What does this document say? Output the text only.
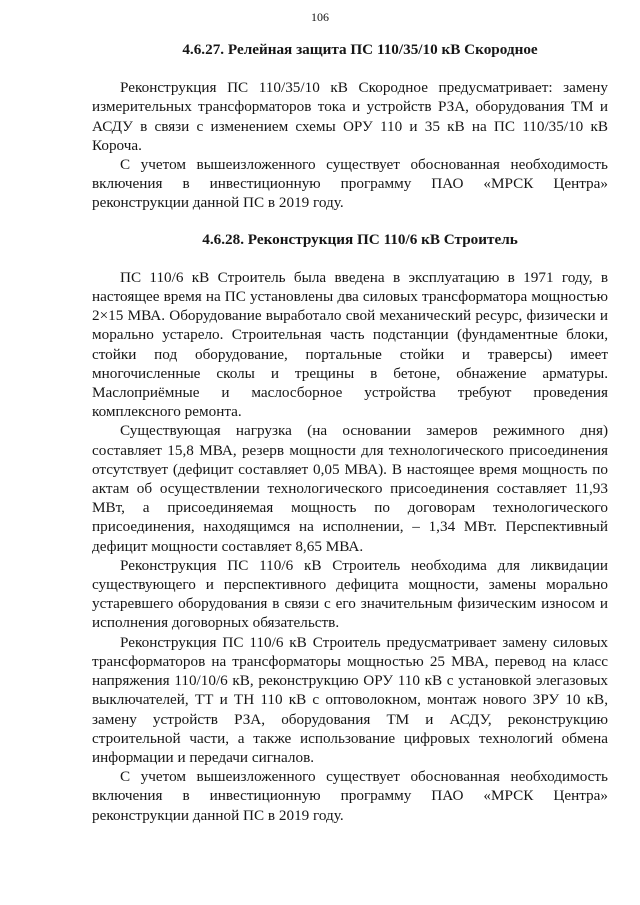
106
4.6.27. Релейная защита ПС 110/35/10 кВ Скородное

Реконструкция ПС 110/35/10 кВ Скородное предусматривает: замену измерительных трансформаторов тока и устройств РЗА, оборудования ТМ и АСДУ в связи с изменением схемы ОРУ 110 и 35 кВ на ПС 110/35/10 кВ Короча.

С учетом вышеизложенного существует обоснованная необходимость включения в инвестиционную программу ПАО «МРСК Центра» реконструкции данной ПС в 2019 году.

4.6.28. Реконструкция ПС 110/6 кВ Строитель

ПС 110/6 кВ Строитель была введена в эксплуатацию в 1971 году, в настоящее время на ПС установлены два силовых трансформатора мощностью 2×15 МВА. Оборудование выработало свой механический ресурс, физически и морально устарело. Строительная часть подстанции (фундаментные блоки, стойки под оборудование, портальные стойки и траверсы) имеет многочисленные сколы и трещины в бетоне, обнажение арматуры. Маслоприёмные и маслосборное устройства требуют проведения комплексного ремонта.

Существующая нагрузка (на основании замеров режимного дня) составляет 15,8 МВА, резерв мощности для технологического присоединения отсутствует (дефицит составляет 0,05 МВА). В настоящее время мощность по актам об осуществлении технологического присоединения составляет 11,93 МВт, а присоединяемая мощность по договорам технологического присоединения, находящимся на исполнении, – 1,34 МВт. Перспективный дефицит мощности составляет 8,65 МВА.

Реконструкция ПС 110/6 кВ Строитель необходима для ликвидации существующего и перспективного дефицита мощности, замены морально устаревшего оборудования в связи с его значительным физическим износом и исполнения договорных обязательств.

Реконструкция ПС 110/6 кВ Строитель предусматривает замену силовых трансформаторов на трансформаторы мощностью 25 МВА, перевод на класс напряжения 110/10/6 кВ, реконструкцию ОРУ 110 кВ с установкой элегазовых выключателей, ТТ и ТН 110 кВ с оптоволокном, монтаж нового ЗРУ 10 кВ, замену устройств РЗА, оборудования ТМ и АСДУ, реконструкцию строительной части, а также использование цифровых технологий обмена информации и передачи сигналов.

С учетом вышеизложенного существует обоснованная необходимость включения в инвестиционную программу ПАО «МРСК Центра» реконструкции данной ПС в 2019 году.
